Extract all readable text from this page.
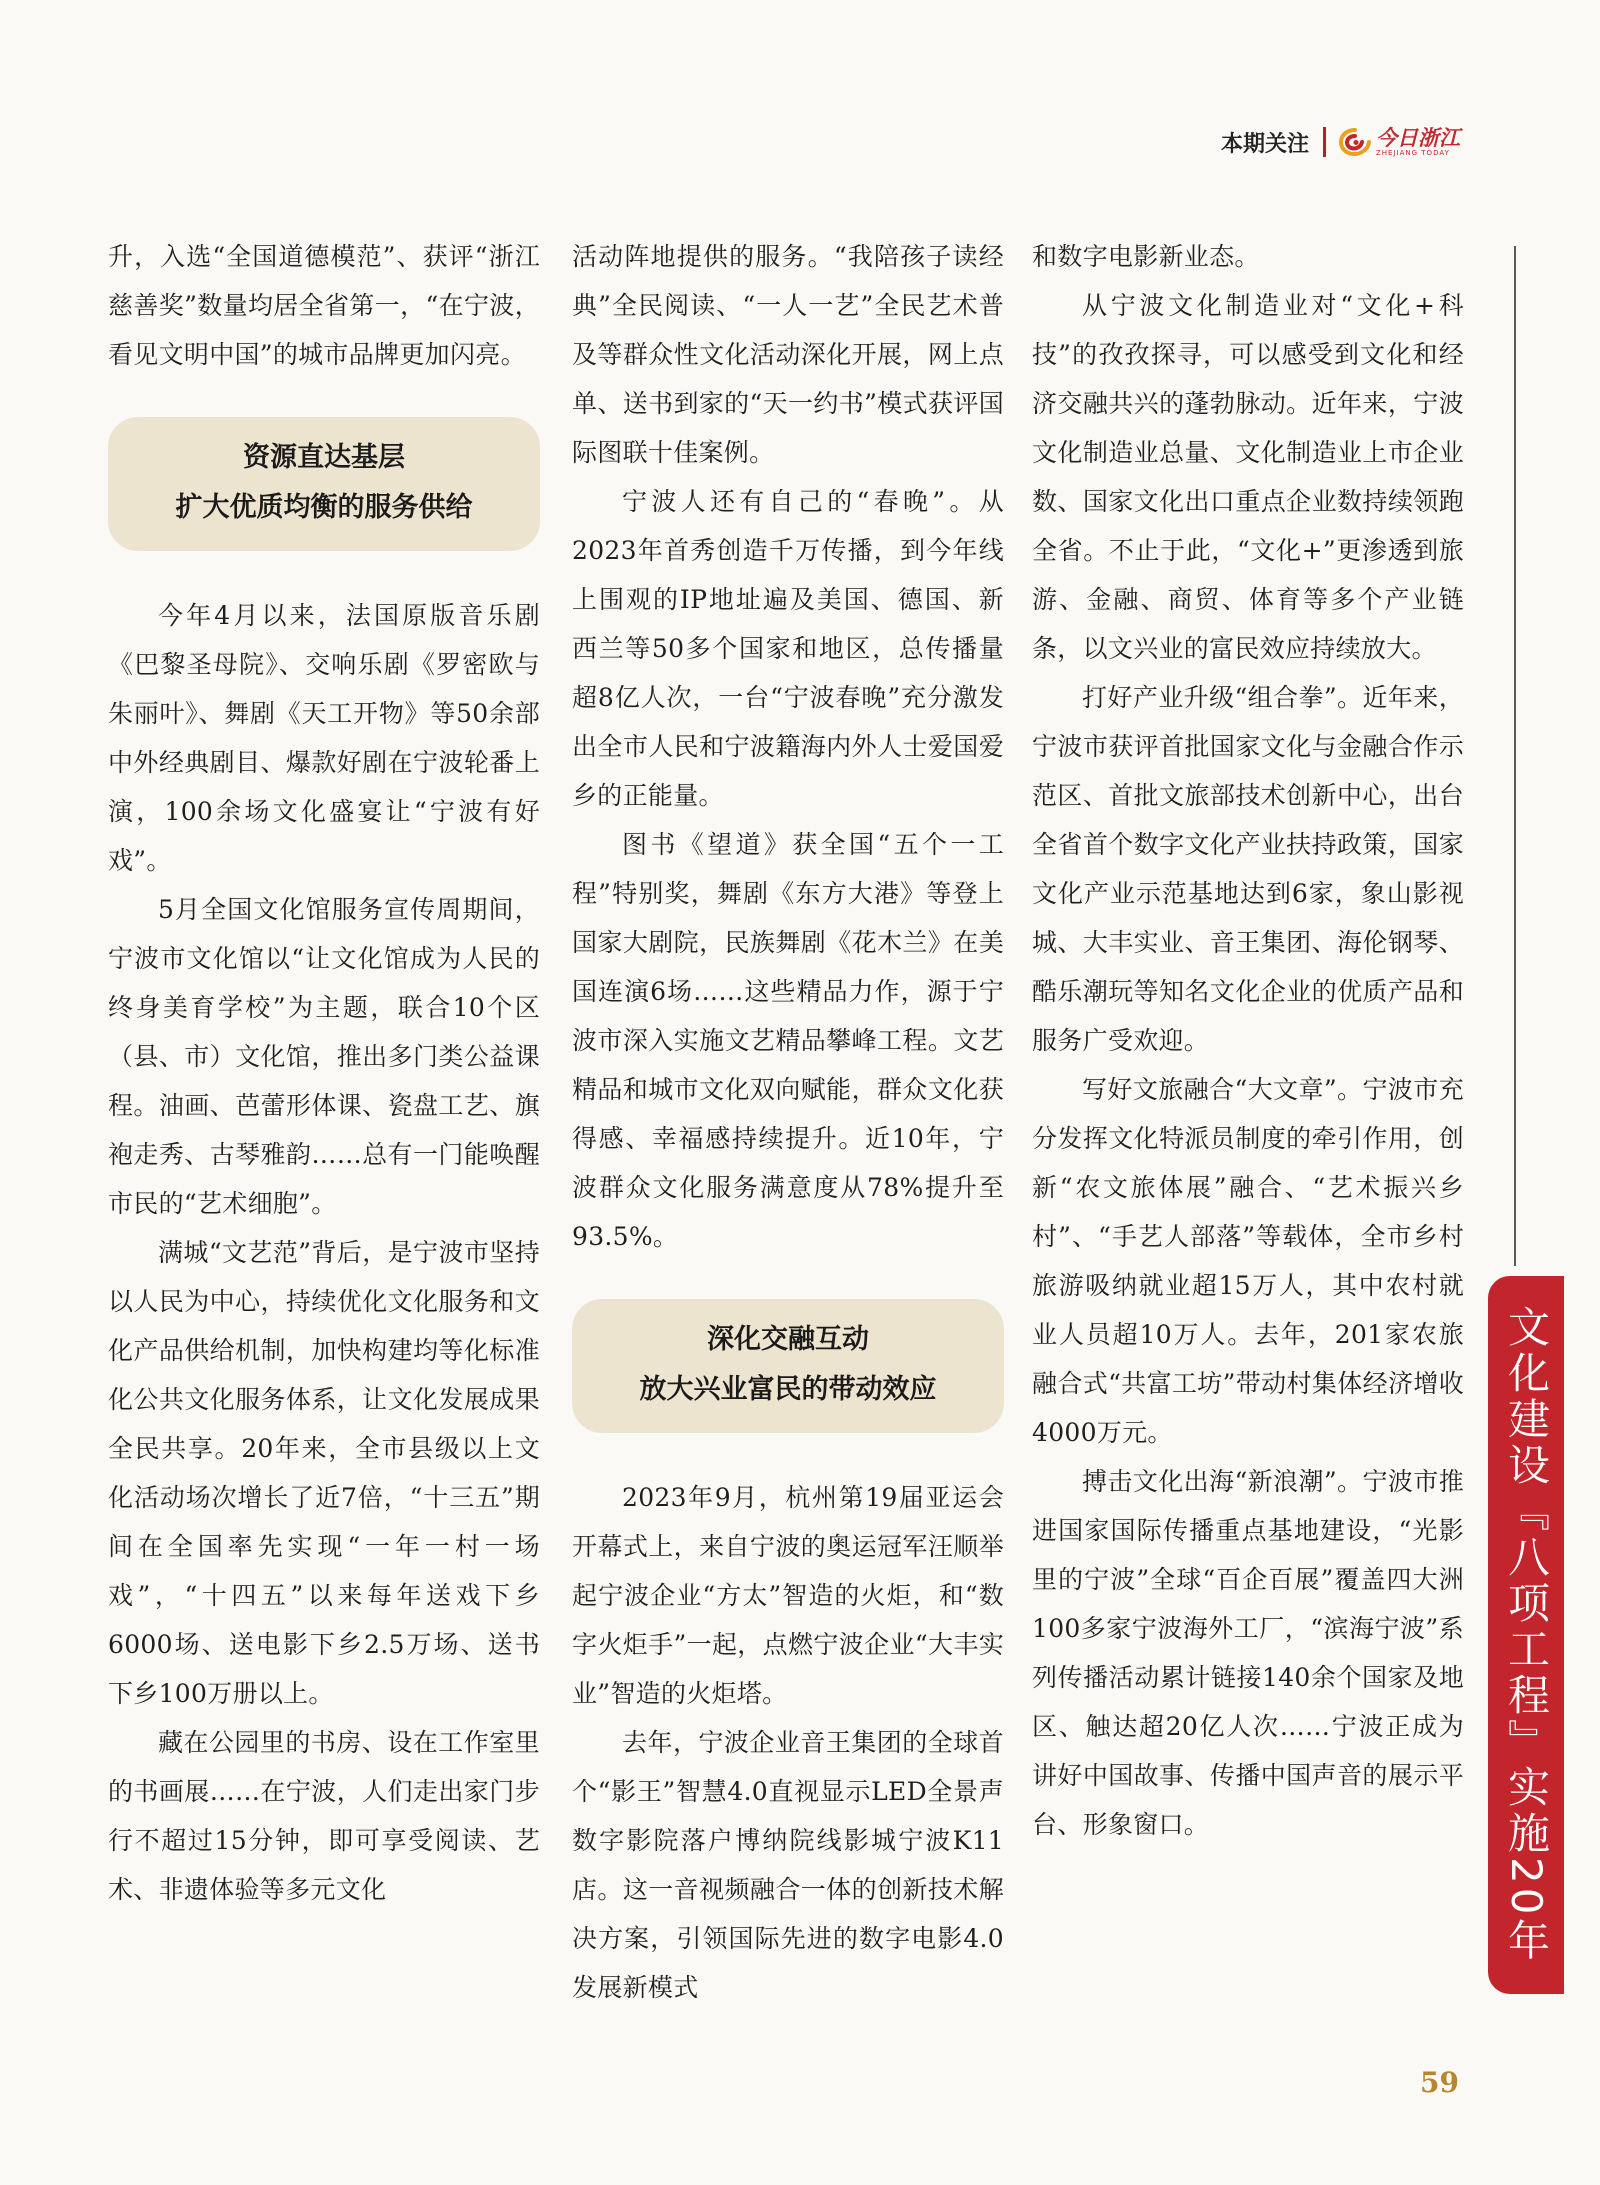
本期关注	今日浙江
ZHEJIANG TODAY

升，入选“全国道德模范”、获评“浙江慈善奖”数量均居全省第一，“在宁波，看见文明中国”的城市品牌更加闪亮。

资源直达基层
扩大优质均衡的服务供给

今年4月以来，法国原版音乐剧《巴黎圣母院》、交响乐剧《罗密欧与朱丽叶》、舞剧《天工开物》等50余部中外经典剧目、爆款好剧在宁波轮番上演，100余场文化盛宴让“宁波有好戏”。

5月全国文化馆服务宣传周期间，宁波市文化馆以“让文化馆成为人民的终身美育学校”为主题，联合10个区（县、市）文化馆，推出多门类公益课程。油画、芭蕾形体课、瓷盘工艺、旗袍走秀、古琴雅韵……总有一门能唤醒市民的“艺术细胞”。

满城“文艺范”背后，是宁波市坚持以人民为中心，持续优化文化服务和文化产品供给机制，加快构建均等化标准化公共文化服务体系，让文化发展成果全民共享。20年来，全市县级以上文化活动场次增长了近7倍，“十三五”期间在全国率先实现“一年一村一场戏”，“十四五”以来每年送戏下乡6000场、送电影下乡2.5万场、送书下乡100万册以上。

藏在公园里的书房、设在工作室里的书画展……在宁波，人们走出家门步行不超过15分钟，即可享受阅读、艺术、非遗体验等多元文化

活动阵地提供的服务。“我陪孩子读经典”全民阅读、“一人一艺”全民艺术普及等群众性文化活动深化开展，网上点单、送书到家的“天一约书”模式获评国际图联十佳案例。

宁波人还有自己的“春晚”。从2023年首秀创造千万传播，到今年线上围观的IP地址遍及美国、德国、新西兰等50多个国家和地区，总传播量超8亿人次，一台“宁波春晚”充分激发出全市人民和宁波籍海内外人士爱国爱乡的正能量。

图书《望道》获全国“五个一工程”特别奖，舞剧《东方大港》等登上国家大剧院，民族舞剧《花木兰》在美国连演6场……这些精品力作，源于宁波市深入实施文艺精品攀峰工程。文艺精品和城市文化双向赋能，群众文化获得感、幸福感持续提升。近10年，宁波群众文化服务满意度从78%提升至93.5%。

深化交融互动
放大兴业富民的带动效应

2023年9月，杭州第19届亚运会开幕式上，来自宁波的奥运冠军汪顺举起宁波企业“方太”智造的火炬，和“数字火炬手”一起，点燃宁波企业“大丰实业”智造的火炬塔。

去年，宁波企业音王集团的全球首个“影王”智慧4.0直视显示LED全景声数字影院落户博纳院线影城宁波K11店。这一音视频融合一体的创新技术解决方案，引领国际先进的数字电影4.0发展新模式

和数字电影新业态。

从宁波文化制造业对“文化+科技”的孜孜探寻，可以感受到文化和经济交融共兴的蓬勃脉动。近年来，宁波文化制造业总量、文化制造业上市企业数、国家文化出口重点企业数持续领跑全省。不止于此，“文化+”更渗透到旅游、金融、商贸、体育等多个产业链条，以文兴业的富民效应持续放大。

打好产业升级“组合拳”。近年来，宁波市获评首批国家文化与金融合作示范区、首批文旅部技术创新中心，出台全省首个数字文化产业扶持政策，国家文化产业示范基地达到6家，象山影视城、大丰实业、音王集团、海伦钢琴、酷乐潮玩等知名文化企业的优质产品和服务广受欢迎。

写好文旅融合“大文章”。宁波市充分发挥文化特派员制度的牵引作用，创新“农文旅体展”融合、“艺术振兴乡村”、“手艺人部落”等载体，全市乡村旅游吸纳就业超15万人，其中农村就业人员超10万人。去年，201家农旅融合式“共富工坊”带动村集体经济增收4000万元。

搏击文化出海“新浪潮”。宁波市推进国家国际传播重点基地建设，“光影里的宁波”全球“百企百展”覆盖四大洲100多家宁波海外工厂，“滨海宁波”系列传播活动累计链接140余个国家及地区、触达超20亿人次……宁波正成为讲好中国故事、传播中国声音的展示平台、形象窗口。	文化建设『八项工程』实施20年
59
